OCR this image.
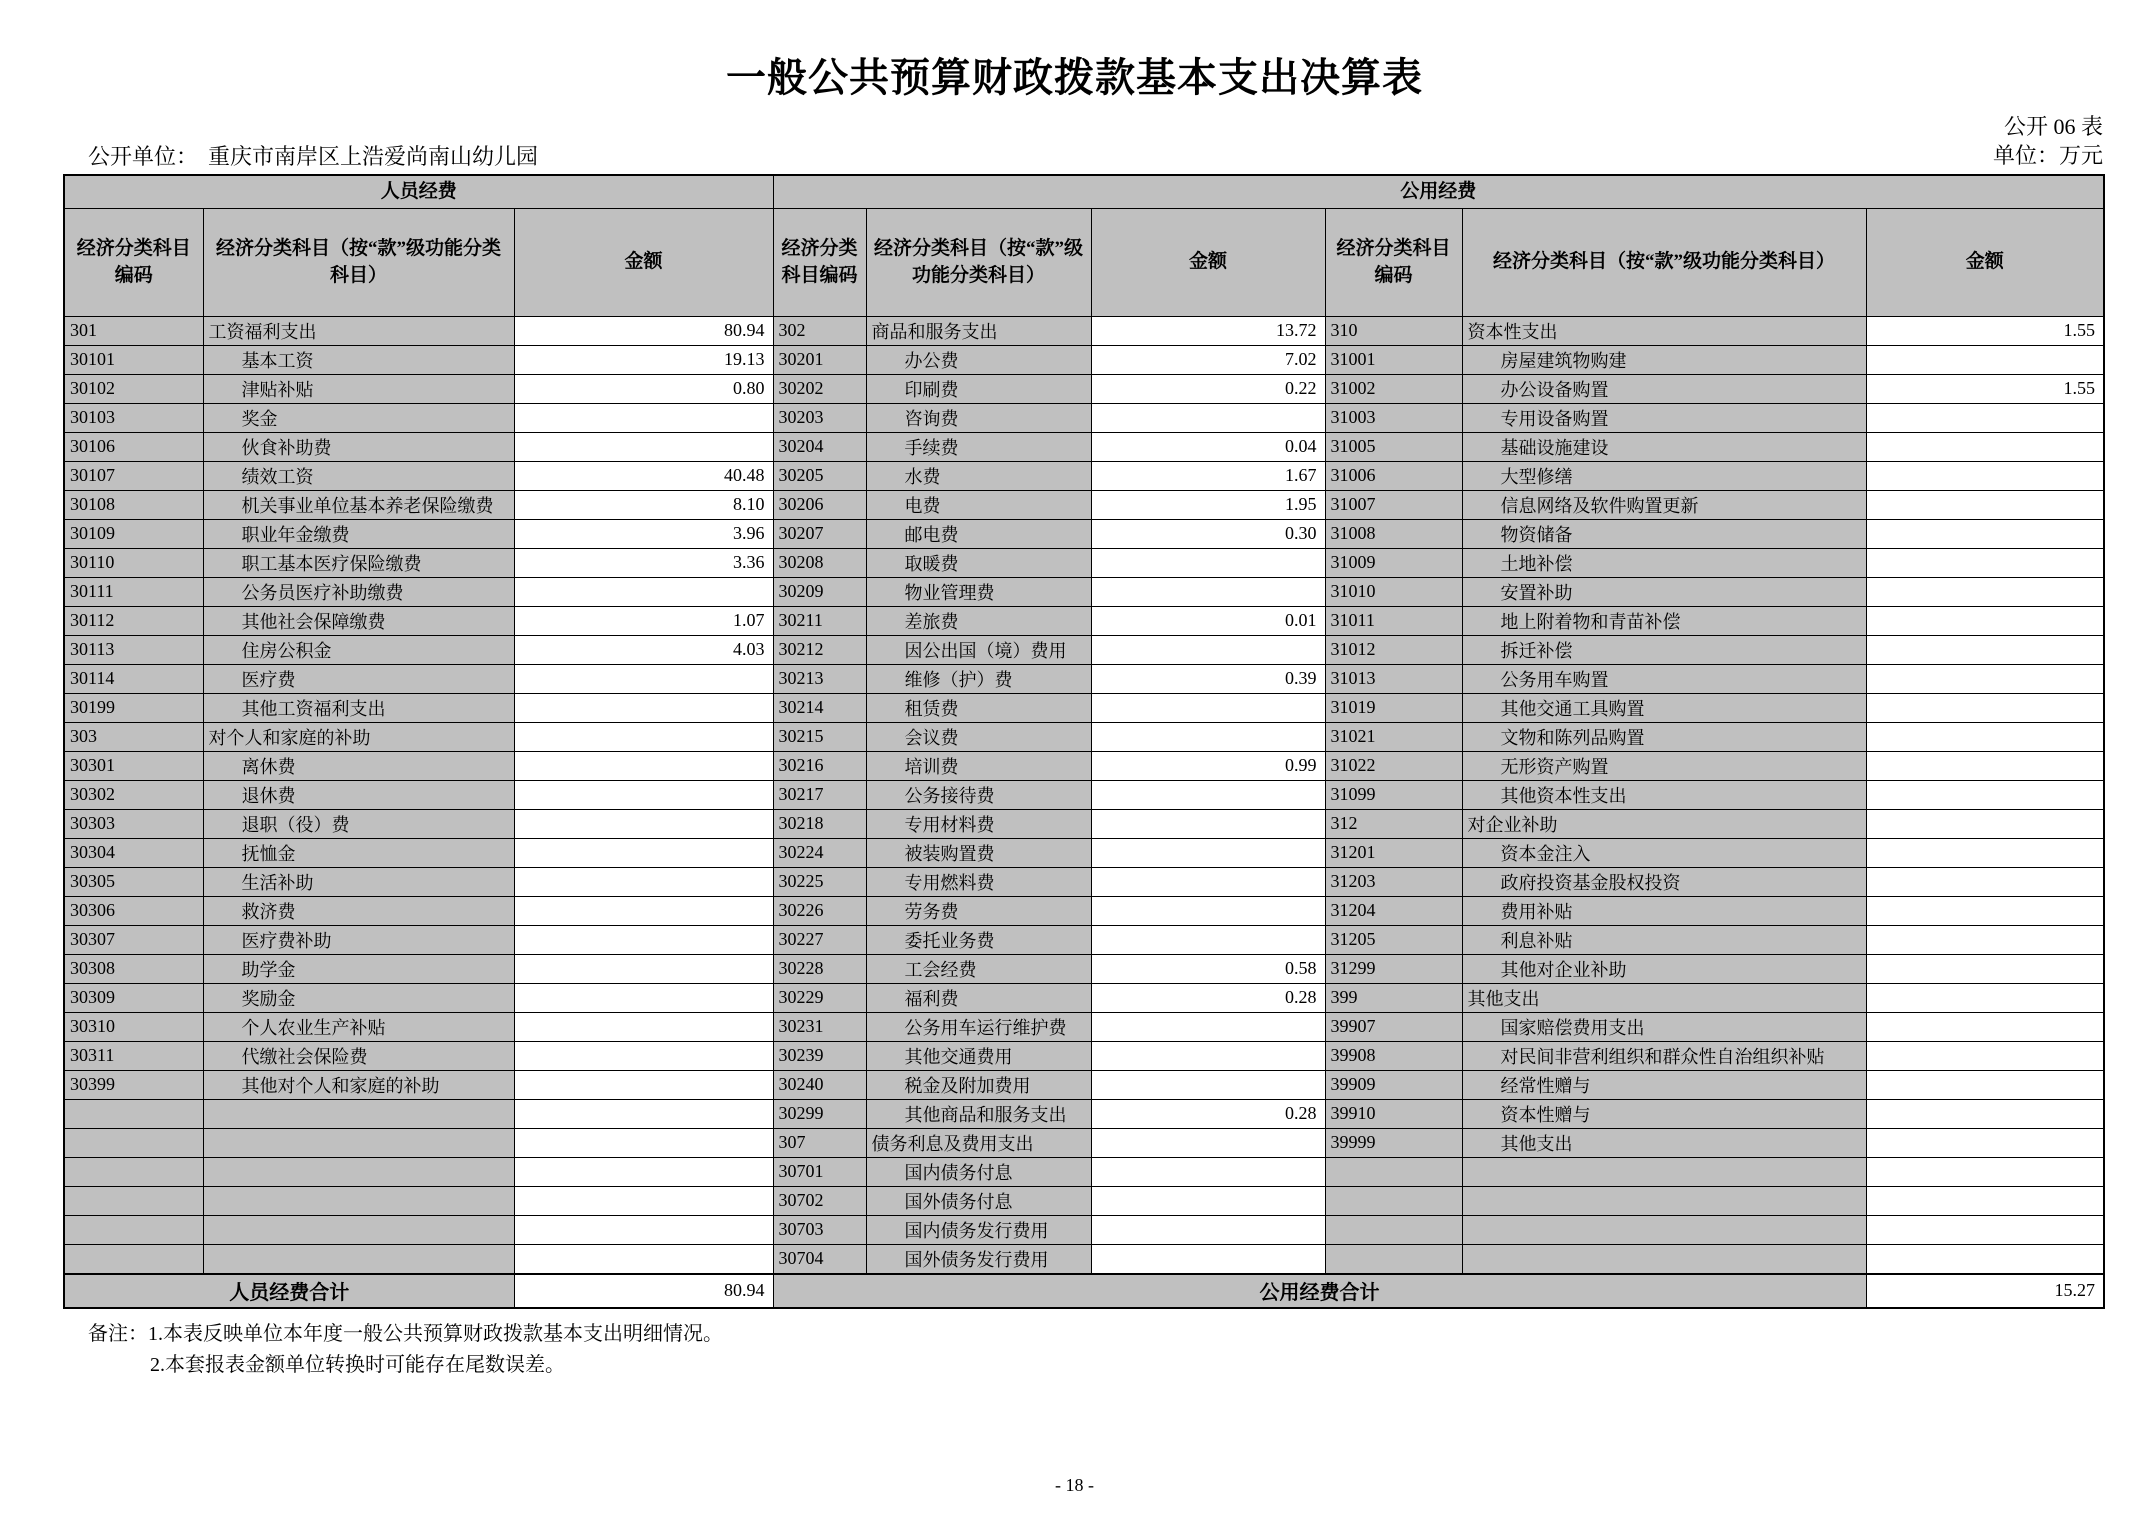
一般公共预算财政拨款基本支出决算表
公开单位： 重庆市南岸区上浩爱尚南山幼儿园
公开 06 表
单位：万元
人员经费			公用经费					
经济分类科目编码	经济分类科目（按“款”级功能分类科目）	金额	经济分类科目编码	经济分类科目（按“款”级功能分类科目）	金额	经济分类科目编码	经济分类科目（按“款”级功能分类科目）	金额
301	工资福利支出	80.94	302	商品和服务支出	13.72	310	资本性支出	1.55
30101	基本工资	19.13	30201	办公费	7.02	31001	房屋建筑物购建	
30102	津贴补贴	0.80	30202	印刷费	0.22	31002	办公设备购置	1.55
30103	奖金		30203	咨询费		31003	专用设备购置	
30106	伙食补助费		30204	手续费	0.04	31005	基础设施建设	
30107	绩效工资	40.48	30205	水费	1.67	31006	大型修缮	
30108	机关事业单位基本养老保险缴费	8.10	30206	电费	1.95	31007	信息网络及软件购置更新	
30109	职业年金缴费	3.96	30207	邮电费	0.30	31008	物资储备	
30110	职工基本医疗保险缴费	3.36	30208	取暖费		31009	土地补偿	
30111	公务员医疗补助缴费		30209	物业管理费		31010	安置补助	
30112	其他社会保障缴费	1.07	30211	差旅费	0.01	31011	地上附着物和青苗补偿	
30113	住房公积金	4.03	30212	因公出国（境）费用		31012	拆迁补偿	
30114	医疗费		30213	维修（护）费	0.39	31013	公务用车购置	
30199	其他工资福利支出		30214	租赁费		31019	其他交通工具购置	
303	对个人和家庭的补助		30215	会议费		31021	文物和陈列品购置	
30301	离休费		30216	培训费	0.99	31022	无形资产购置	
30302	退休费		30217	公务接待费		31099	其他资本性支出	
30303	退职（役）费		30218	专用材料费		312	对企业补助	
30304	抚恤金		30224	被装购置费		31201	资本金注入	
30305	生活补助		30225	专用燃料费		31203	政府投资基金股权投资	
30306	救济费		30226	劳务费		31204	费用补贴	
30307	医疗费补助		30227	委托业务费		31205	利息补贴	
30308	助学金		30228	工会经费	0.58	31299	其他对企业补助	
30309	奖励金		30229	福利费	0.28	399	其他支出	
30310	个人农业生产补贴		30231	公务用车运行维护费		39907	国家赔偿费用支出	
30311	代缴社会保险费		30239	其他交通费用		39908	对民间非营利组织和群众性自治组织补贴	
30399	其他对个人和家庭的补助		30240	税金及附加费用		39909	经常性赠与	
			30299	其他商品和服务支出	0.28	39910	资本性赠与	
			307	债务利息及费用支出		39999	其他支出	
			30701	国内债务付息				
			30702	国外债务付息				
			30703	国内债务发行费用				
			30704	国外债务发行费用				
人员经费合计		80.94	公用经费合计					15.27
备注：1.本表反映单位本年度一般公共预算财政拨款基本支出明细情况。
2.本套报表金额单位转换时可能存在尾数误差。
- 18 -
